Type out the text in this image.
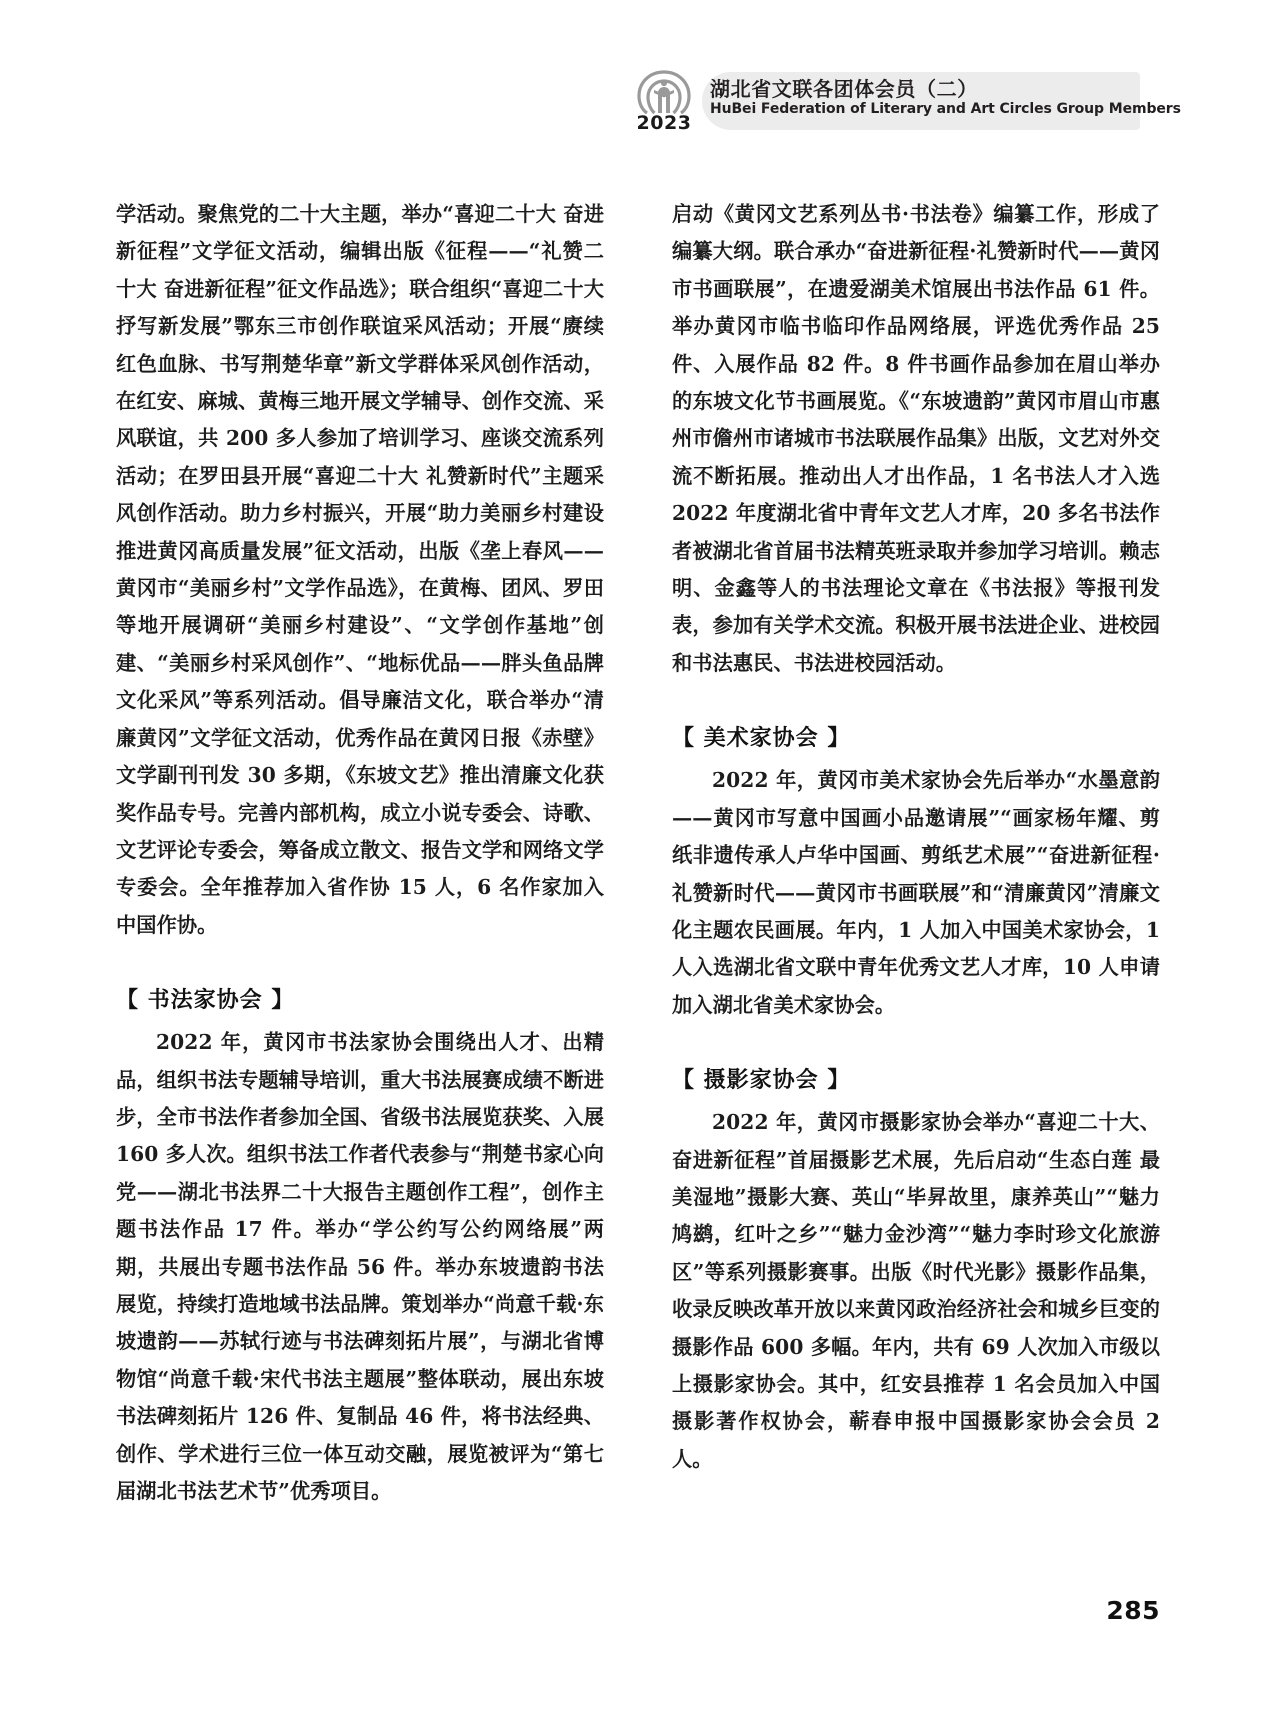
2023
湖北省文联各团体会员（二）
HuBei Federation of Literary and Art Circles Group Members

学活动。聚焦党的二十大主题，举办“喜迎二十大 奋进新征程”文学征文活动，编辑出版《征程——“礼赞二十大 奋进新征程”征文作品选》；联合组织“喜迎二十大 抒写新发展”鄂东三市创作联谊采风活动；开展“赓续红色血脉、书写荆楚华章”新文学群体采风创作活动，在红安、麻城、黄梅三地开展文学辅导、创作交流、采风联谊，共 200 多人参加了培训学习、座谈交流系列活动；在罗田县开展“喜迎二十大 礼赞新时代”主题采风创作活动。助力乡村振兴，开展“助力美丽乡村建设 推进黄冈高质量发展”征文活动，出版《垄上春风——黄冈市“美丽乡村”文学作品选》，在黄梅、团风、罗田等地开展调研“美丽乡村建设”、“文学创作基地”创建、“美丽乡村采风创作”、“地标优品——胖头鱼品牌文化采风”等系列活动。倡导廉洁文化，联合举办“清廉黄冈”文学征文活动，优秀作品在黄冈日报《赤壁》文学副刊刊发 30 多期，《东坡文艺》推出清廉文化获奖作品专号。完善内部机构，成立小说专委会、诗歌、文艺评论专委会，筹备成立散文、报告文学和网络文学专委会。全年推荐加入省作协 15 人，6 名作家加入中国作协。

【 书法家协会 】

2022 年，黄冈市书法家协会围绕出人才、出精品，组织书法专题辅导培训，重大书法展赛成绩不断进步，全市书法作者参加全国、省级书法展览获奖、入展 160 多人次。组织书法工作者代表参与“荆楚书家心向党——湖北书法界二十大报告主题创作工程”，创作主题书法作品 17 件。举办“学公约写公约网络展”两期，共展出专题书法作品 56 件。举办东坡遗韵书法展览，持续打造地域书法品牌。策划举办“尚意千载·东坡遗韵——苏轼行迹与书法碑刻拓片展”，与湖北省博物馆“尚意千载·宋代书法主题展”整体联动，展出东坡书法碑刻拓片 126 件、复制品 46 件，将书法经典、创作、学术进行三位一体互动交融，展览被评为“第七届湖北书法艺术节”优秀项目。

启动《黄冈文艺系列丛书·书法卷》编纂工作，形成了编纂大纲。联合承办“奋进新征程·礼赞新时代——黄冈市书画联展”，在遗爱湖美术馆展出书法作品 61 件。举办黄冈市临书临印作品网络展，评选优秀作品 25 件、入展作品 82 件。8 件书画作品参加在眉山举办的东坡文化节书画展览。《“东坡遗韵”黄冈市眉山市惠州市儋州市诸城市书法联展作品集》出版，文艺对外交流不断拓展。推动出人才出作品，1 名书法人才入选 2022 年度湖北省中青年文艺人才库，20 多名书法作者被湖北省首届书法精英班录取并参加学习培训。赖志明、金鑫等人的书法理论文章在《书法报》等报刊发表，参加有关学术交流。积极开展书法进企业、进校园和书法惠民、书法进校园活动。

【 美术家协会 】

2022 年，黄冈市美术家协会先后举办“水墨意韵——黄冈市写意中国画小品邀请展”“画家杨年耀、剪纸非遗传承人卢华中国画、剪纸艺术展”“奋进新征程·礼赞新时代——黄冈市书画联展”和“清廉黄冈”清廉文化主题农民画展。年内，1 人加入中国美术家协会，1 人入选湖北省文联中青年优秀文艺人才库，10 人申请加入湖北省美术家协会。

【 摄影家协会 】

2022 年，黄冈市摄影家协会举办“喜迎二十大、奋进新征程”首届摄影艺术展，先后启动“生态白莲 最美湿地”摄影大赛、英山“毕昇故里，康养英山”“魅力鸠鹚，红叶之乡”“魅力金沙湾”“魅力李时珍文化旅游区”等系列摄影赛事。出版《时代光影》摄影作品集，收录反映改革开放以来黄冈政治经济社会和城乡巨变的摄影作品 600 多幅。年内，共有 69 人次加入市级以上摄影家协会。其中，红安县推荐 1 名会员加入中国摄影著作权协会，蕲春申报中国摄影家协会会员 2 人。

285
